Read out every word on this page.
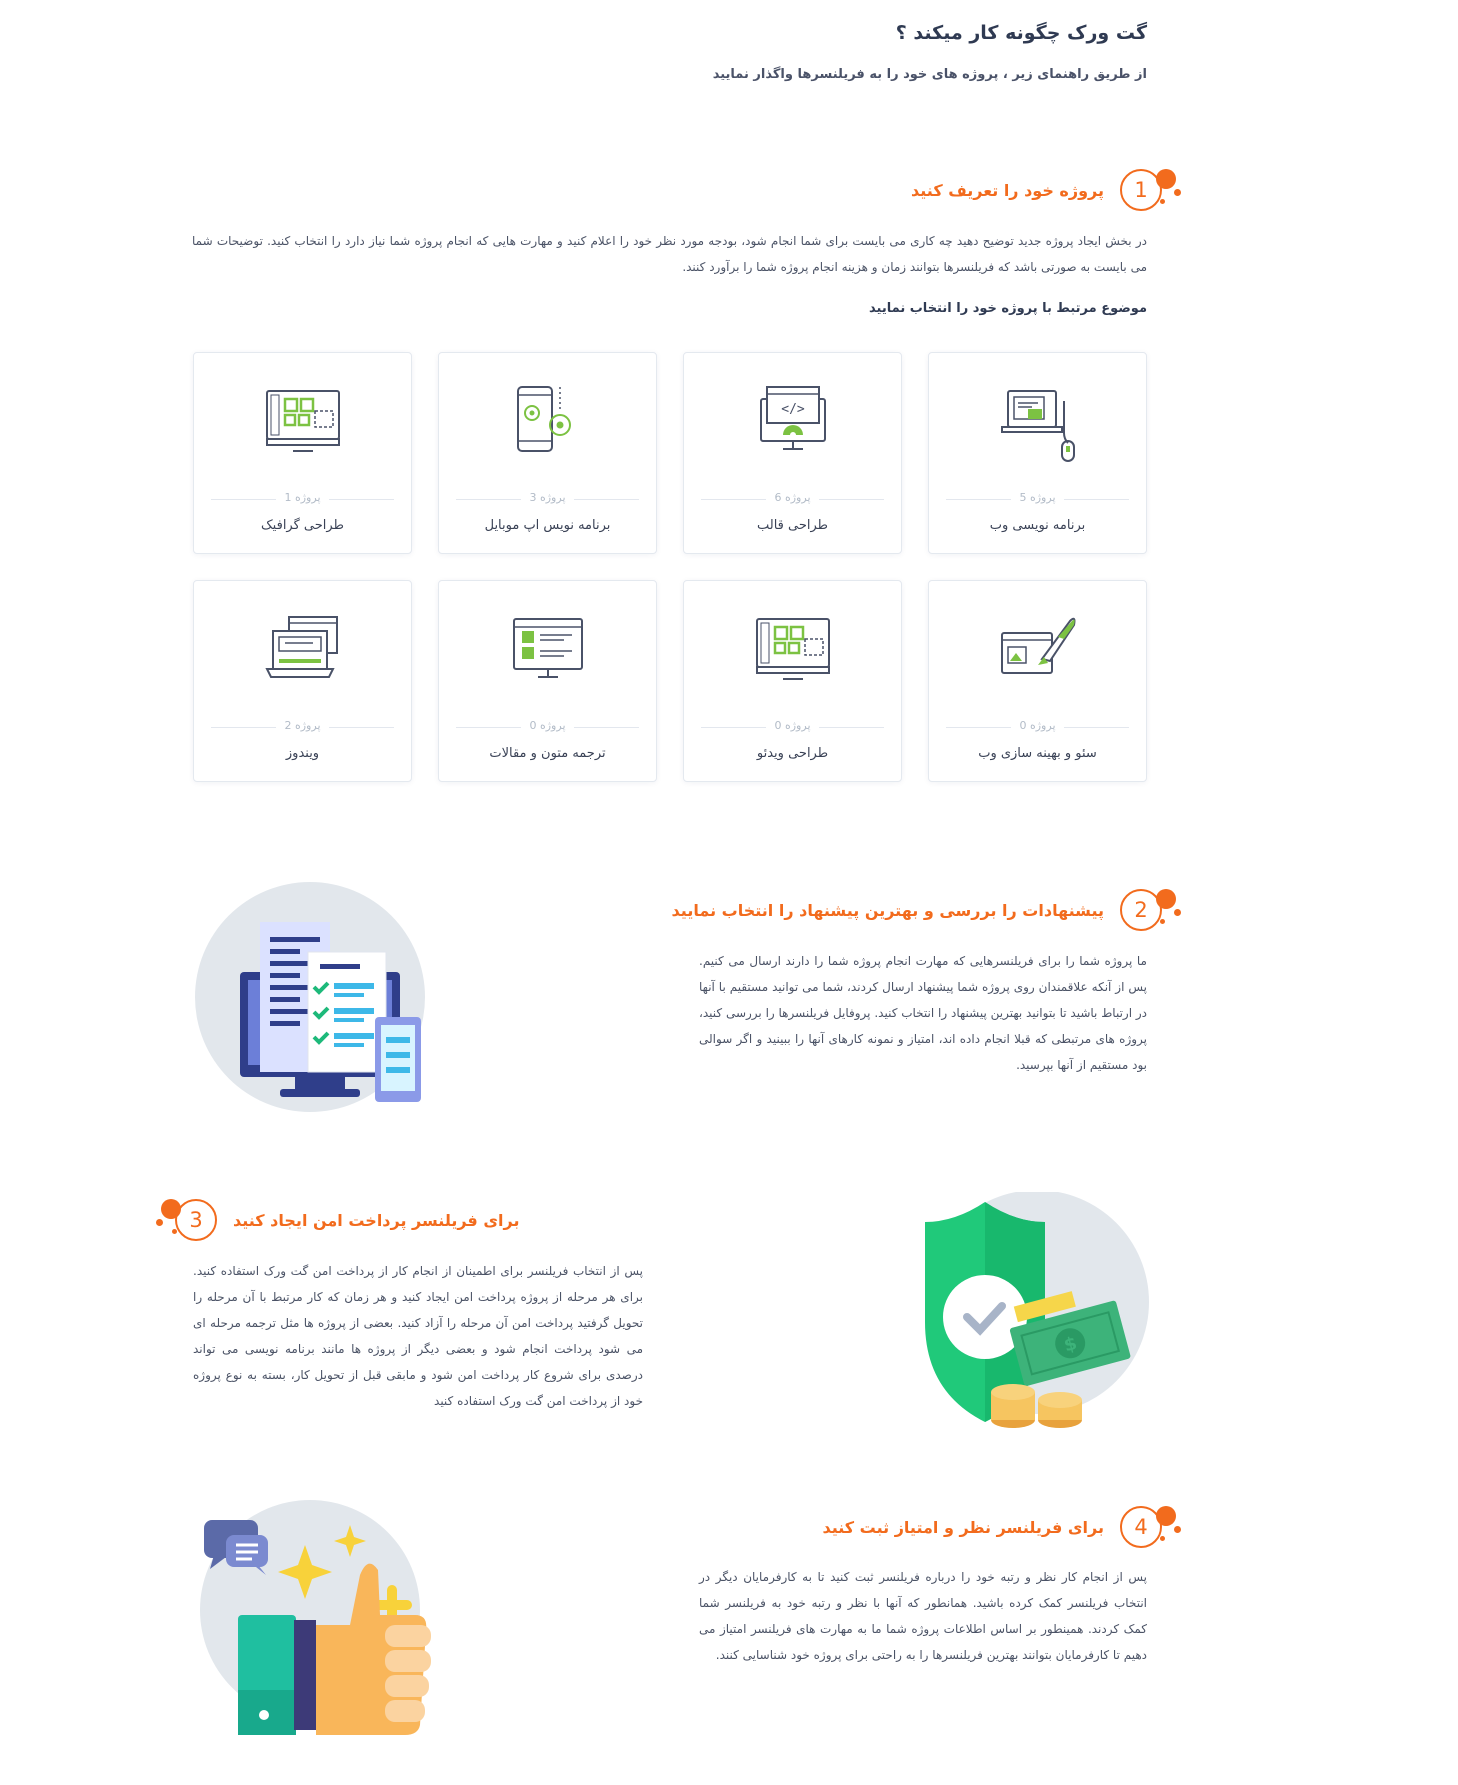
گت ورک چگونه کار میکند ؟
از طریق راهنمای زیر ، پروژه های خود را به فریلنسرها واگذار نمایید
1
پروژه خود را تعریف کنید
در بخش ایجاد پروژه جدید توضیح دهید چه کاری می بایست برای شما انجام شود، بودجه مورد نظر خود را اعلام کنید و مهارت هایی که انجام پروژه شما نیاز دارد را انتخاب کنید. توضیحات شما می بایست به صورتی باشد که فریلنسرها بتوانند زمان و هزینه انجام پروژه شما را برآورد کنند.
موضوع مرتبط با پروژه خود را انتخاب نمایید
5 پروژه
برنامه نویسی وب
</>
6 پروژه
طراحی قالب
3 پروژه
برنامه نویس اپ موبایل
1 پروژه
طراحی گرافیک
0 پروژه
سئو و بهینه سازی وب
0 پروژه
طراحی ویدئو
0 پروژه
ترجمه متون و مقالات
2 پروژه
ویندوز
2
پیشنهادات را بررسی و بهترین پیشنهاد را انتخاب نمایید
ما پروژه شما را برای فریلنسرهایی که مهارت انجام پروژه شما را دارند ارسال می کنیم. پس از آنکه علاقمندان روی پروژه شما پیشنهاد ارسال کردند، شما می توانید مستقیم با آنها در ارتباط باشید تا بتوانید بهترین پیشنهاد را انتخاب کنید. پروفایل فریلنسرها را بررسی کنید، پروژه های مرتبطی که قبلا انجام داده اند، امتیاز و نمونه کارهای آنها را ببینید و اگر سوالی بود مستقیم از آنها بپرسید.
3 برای فریلنسر پرداخت امن ایجاد کنید
پس از انتخاب فریلنسر برای اطمینان از انجام کار از پرداخت امن گت ورک استفاده کنید. برای هر مرحله از پروژه پرداخت امن ایجاد کنید و هر زمان که کار مرتبط با آن مرحله را تحویل گرفتید پرداخت امن آن مرحله را آزاد کنید. بعضی از پروژه ها مثل ترجمه مرحله ای می شود پرداخت انجام شود و بعضی دیگر از پروژه ها مانند برنامه نویسی می تواند درصدی برای شروع کار پرداخت امن شود و مابقی قبل از تحویل کار، بسته به نوع پروژه خود از پرداخت امن گت ورک استفاده کنید
$
4
برای فریلنسر نظر و امتیاز ثبت کنید
پس از انجام کار نظر و رتبه خود را درباره فریلنسر ثبت کنید تا به کارفرمایان دیگر در انتخاب فریلنسر کمک کرده باشید. همانطور که آنها با نظر و رتبه خود به فریلنسر شما کمک کردند. همینطور بر اساس اطلاعات پروژه شما ما به مهارت های فریلنسر امتیاز می دهیم تا کارفرمایان بتوانند بهترین فریلنسرها را به راحتی برای پروژه خود شناسایی کنند.
